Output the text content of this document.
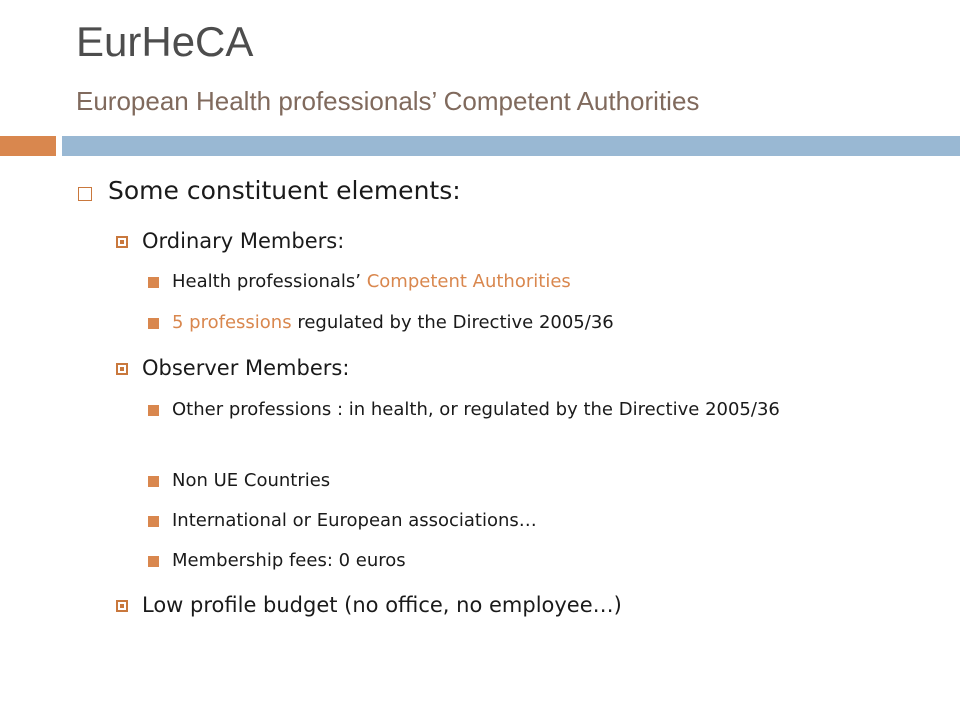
EurHeCA
European Health professionals’ Competent Authorities
Some constituent elements:
Ordinary Members:
Health professionals’ Competent Authorities
5 professions regulated by the Directive 2005/36
Observer Members:
Other professions : in health, or regulated by the Directive 2005/36
Non UE Countries
International or European associations…
Membership fees: 0 euros
Low profile budget (no office, no employee…)
